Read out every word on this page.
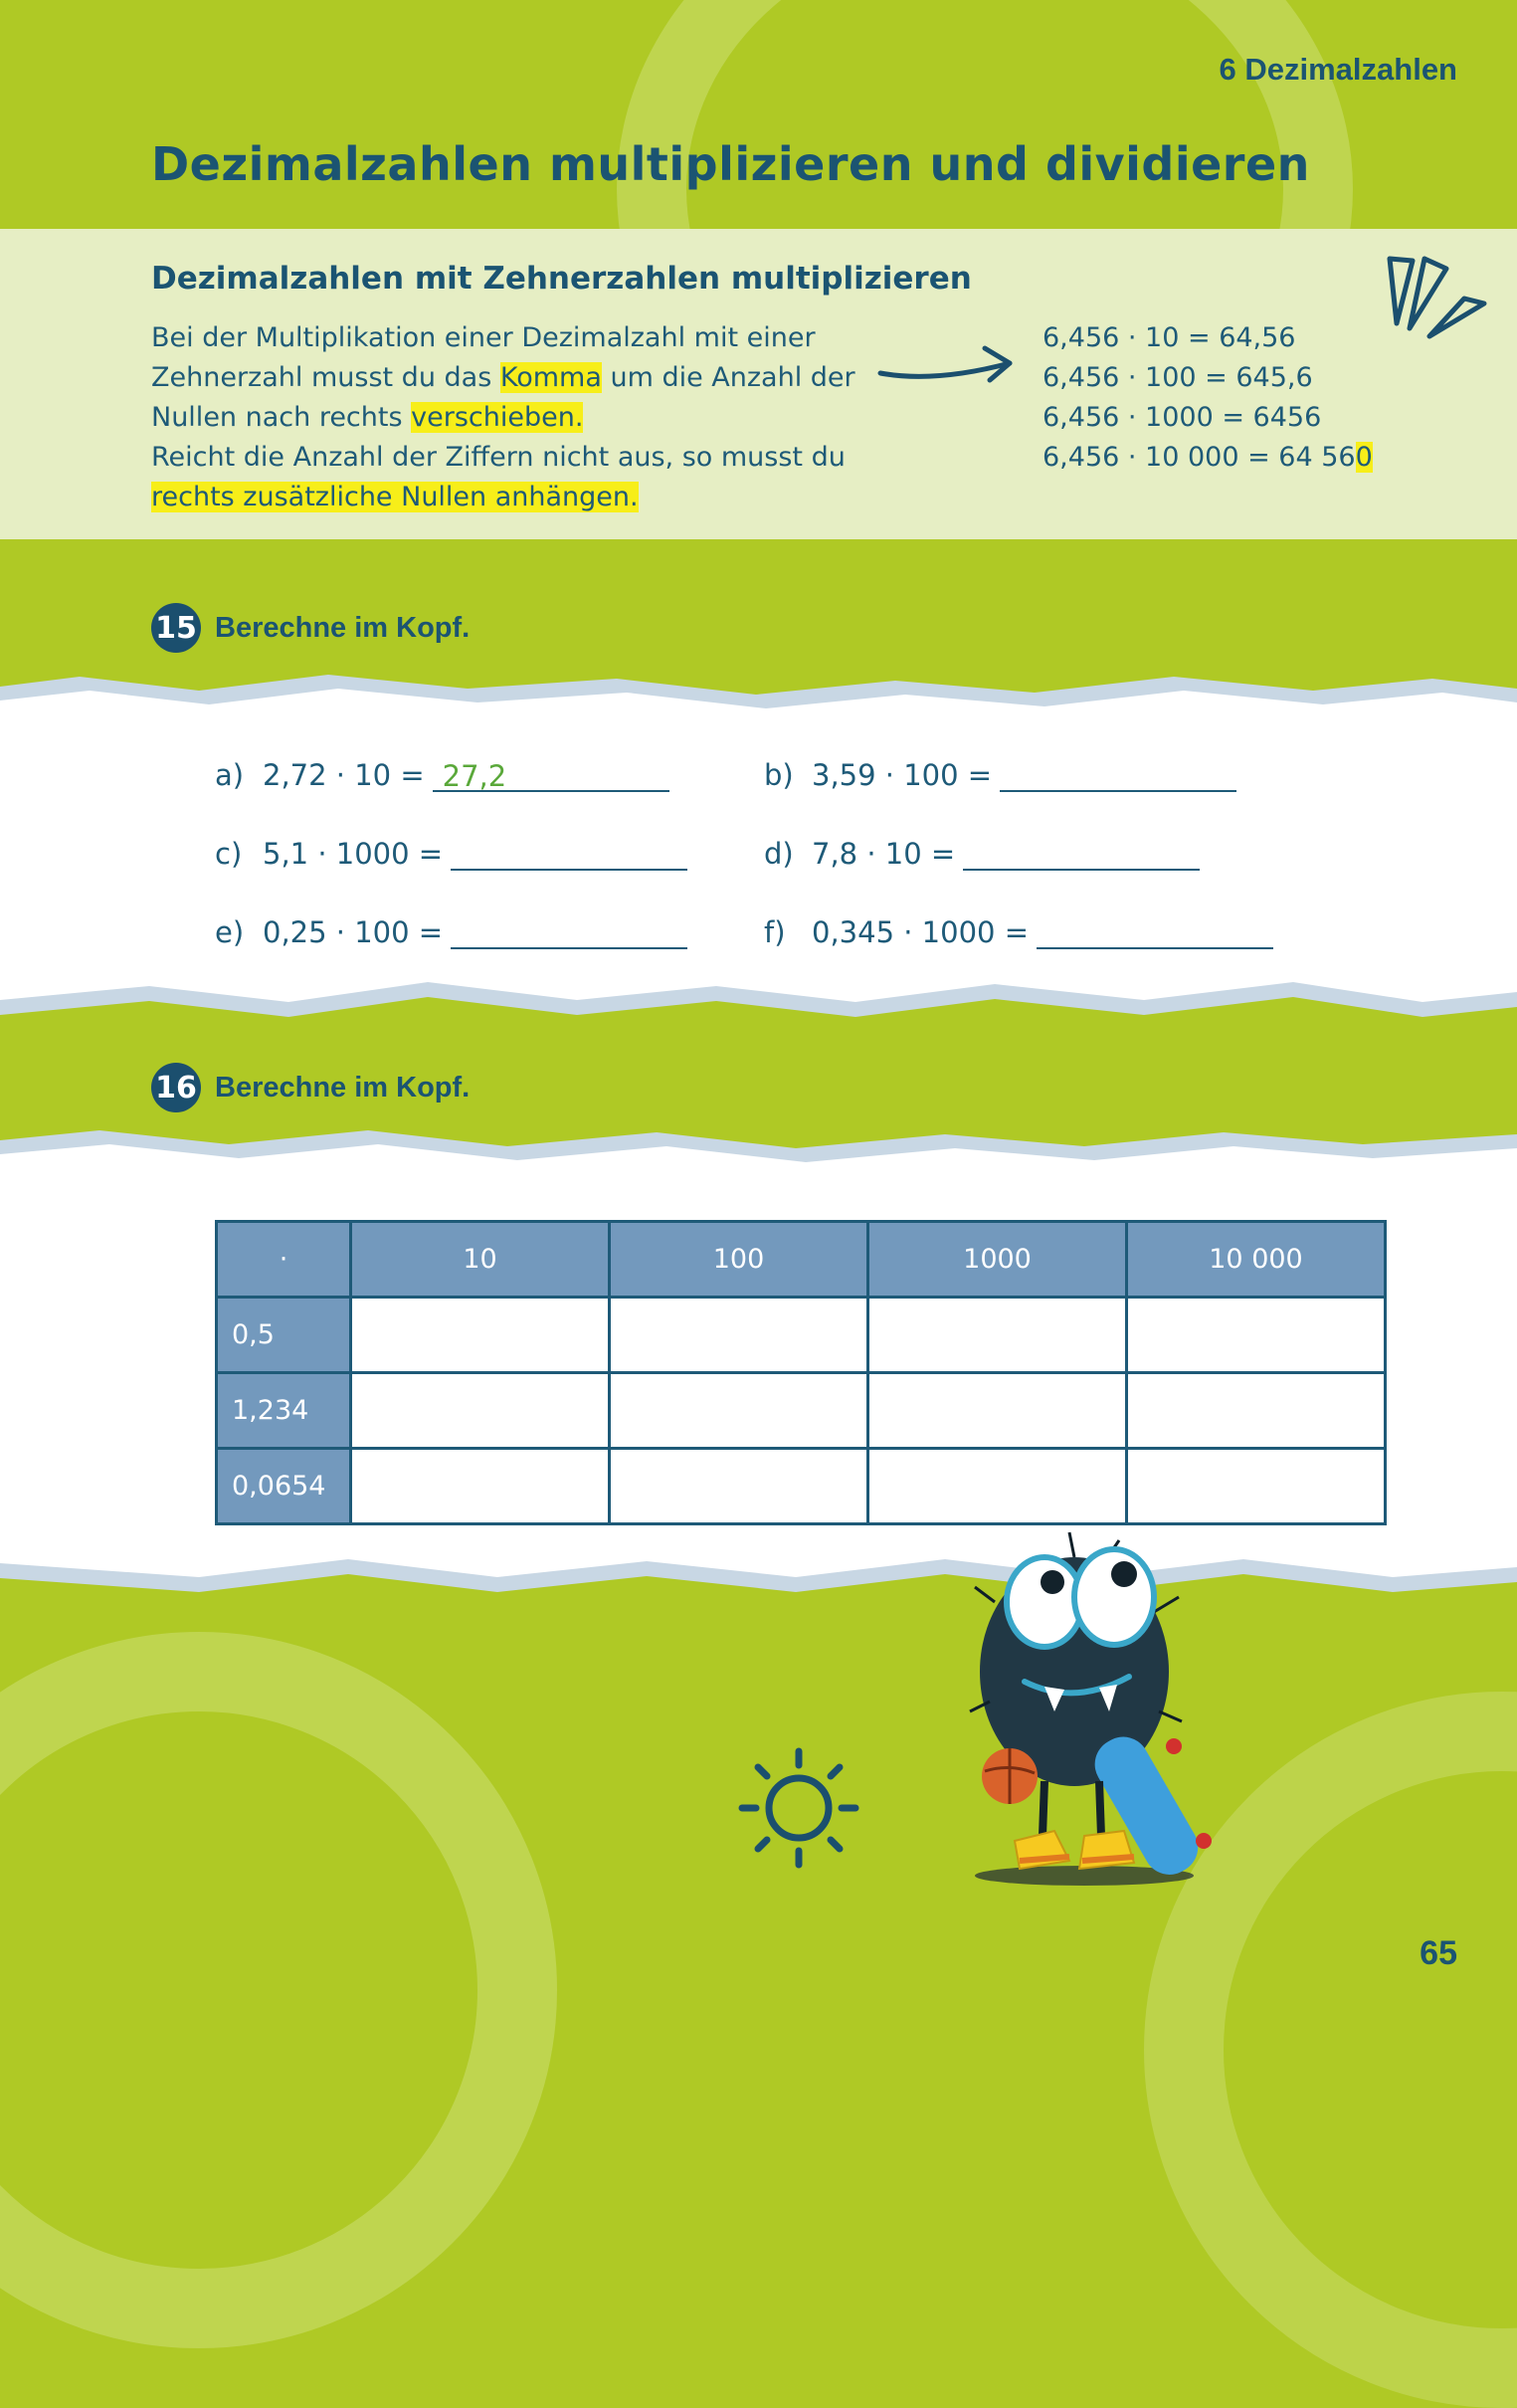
6 Dezimalzahlen
Dezimalzahlen multiplizieren und dividieren
Dezimalzahlen mit Zehnerzahlen multiplizieren
Bei der Multiplikation einer Dezimalzahl mit einer
Zehnerzahl musst du das Komma um die Anzahl der
Nullen nach rechts verschieben.
Reicht die Anzahl der Ziffern nicht aus, so musst du
rechts zusätzliche Nullen anhängen.
6,456 · 10 = 64,56
6,456 · 100 = 645,6
6,456 · 1000 = 6456
6,456 · 10 000 = 64 560
15 Berechne im Kopf.
a) 2,72 · 10 = 27,2	b) 3,59 · 100 =
c) 5,1 · 1000 =	d) 7,8 · 10 =
e) 0,25 · 100 =	f) 0,345 · 1000 =
16 Berechne im Kopf.
·	10	100	1000	10 000
0,5				
1,234				
0,0654				
65
